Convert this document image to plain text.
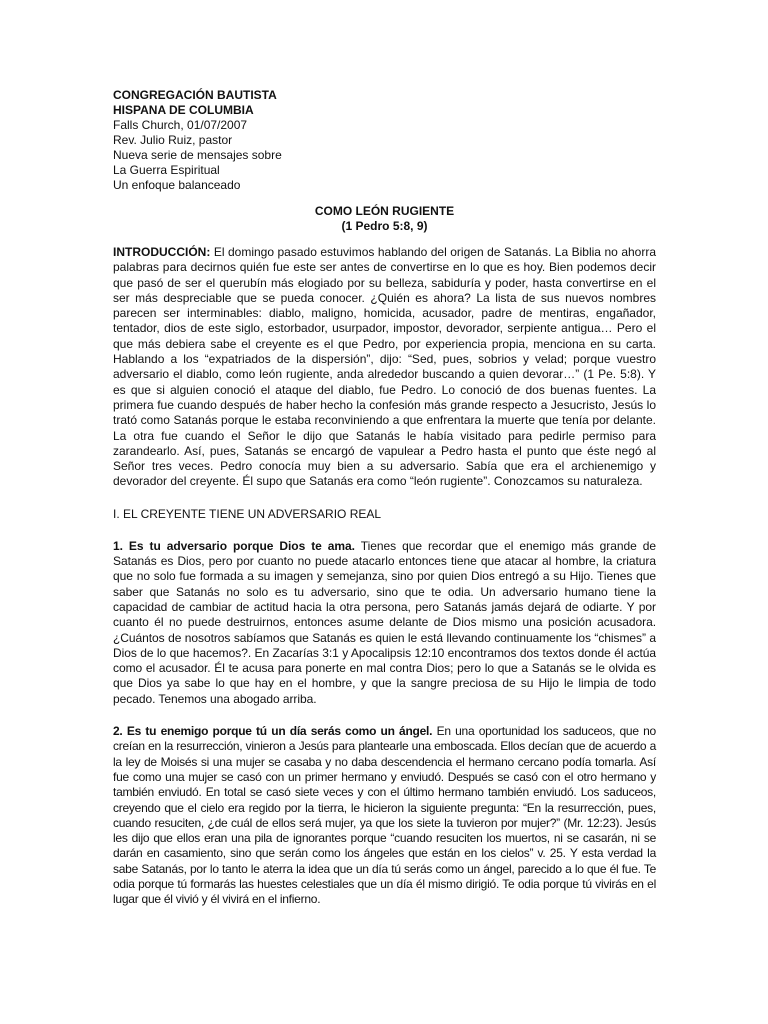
CONGREGACIÓN BAUTISTA

HISPANA DE COLUMBIA

Falls Church, 01/07/2007

Rev. Julio Ruiz, pastor

Nueva serie de mensajes sobre

La Guerra Espiritual

Un enfoque balanceado

COMO LEÓN RUGIENTE
(1 Pedro 5:8, 9)

INTRODUCCIÓN: El domingo pasado estuvimos hablando del origen de Satanás. La Biblia no ahorra palabras para decirnos quién fue este ser antes de convertirse en lo que es hoy. Bien podemos decir que pasó de ser el querubín más elogiado por su belleza, sabiduría y poder, hasta convertirse en el ser más despreciable que se pueda conocer. ¿Quién es ahora? La lista de sus nuevos nombres parecen ser interminables: diablo, maligno, homicida, acusador, padre de mentiras, engañador, tentador, dios de este siglo, estorbador, usurpador, impostor, devorador, serpiente antigua… Pero el que más debiera sabe el creyente es el que Pedro, por experiencia propia, menciona en su carta. Hablando a los “expatriados de la dispersión”, dijo: “Sed, pues, sobrios y velad; porque vuestro adversario el diablo, como león rugiente, anda alrededor buscando a quien devorar…” (1 Pe. 5:8). Y es que si alguien conoció el ataque del diablo, fue Pedro. Lo conoció de dos buenas fuentes. La primera fue cuando después de haber hecho la confesión más grande respecto a Jesucristo, Jesús lo trató como Satanás porque le estaba reconviniendo a que enfrentara la muerte que tenía por delante. La otra fue cuando el Señor le dijo que Satanás le había visitado para pedirle permiso para zarandearlo. Así, pues, Satanás se encargó de vapulear a Pedro hasta el punto que éste negó al Señor tres veces. Pedro conocía muy bien a su adversario. Sabía que era el archienemigo y devorador del creyente. Él supo que Satanás era como “león rugiente”. Conozcamos su naturaleza.

I. EL CREYENTE TIENE UN ADVERSARIO REAL

1. Es tu adversario porque Dios te ama. Tienes que recordar que el enemigo más grande de Satanás es Dios, pero por cuanto no puede atacarlo entonces tiene que atacar al hombre, la criatura que no solo fue formada a su imagen y semejanza, sino por quien Dios entregó a su Hijo. Tienes que saber que Satanás no solo es tu adversario, sino que te odia. Un adversario humano tiene la capacidad de cambiar de actitud hacia la otra persona, pero Satanás jamás dejará de odiarte. Y por cuanto él no puede destruirnos, entonces asume delante de Dios mismo una posición acusadora. ¿Cuántos de nosotros sabíamos que Satanás es quien le está llevando continuamente los “chismes” a Dios de lo que hacemos?. En Zacarías 3:1 y Apocalipsis 12:10 encontramos dos textos donde él actúa como el acusador. Él te acusa para ponerte en mal contra Dios; pero lo que a Satanás se le olvida es que Dios ya sabe lo que hay en el hombre, y que la sangre preciosa de su Hijo le limpia de todo pecado. Tenemos una abogado arriba.

2. Es tu enemigo porque tú un día serás como un ángel. En una oportunidad los saduceos, que no creían en la resurrección, vinieron a Jesús para plantearle una emboscada. Ellos decían que de acuerdo a la ley de Moisés si una mujer se casaba y no daba descendencia el hermano cercano podía tomarla. Así fue como una mujer se casó con un primer hermano y enviudó. Después se casó con el otro hermano y también enviudó. En total se casó siete veces y con el último hermano también enviudó. Los saduceos, creyendo que el cielo era regido por la tierra, le hicieron la siguiente pregunta: “En la resurrección, pues, cuando resuciten, ¿de cuál de ellos será mujer, ya que los siete la tuvieron por mujer?” (Mr. 12:23). Jesús les dijo que ellos eran una pila de ignorantes porque “cuando resuciten los muertos, ni se casarán, ni se darán en casamiento, sino que serán como los ángeles que están en los cielos” v. 25. Y esta verdad la sabe Satanás, por lo tanto le aterra la idea que un día tú serás como un ángel, parecido a lo que él fue. Te odia porque tú formarás las huestes celestiales que un día él mismo dirigió. Te odia porque tú vivirás en el lugar que él vivió y él vivirá en el infierno.
